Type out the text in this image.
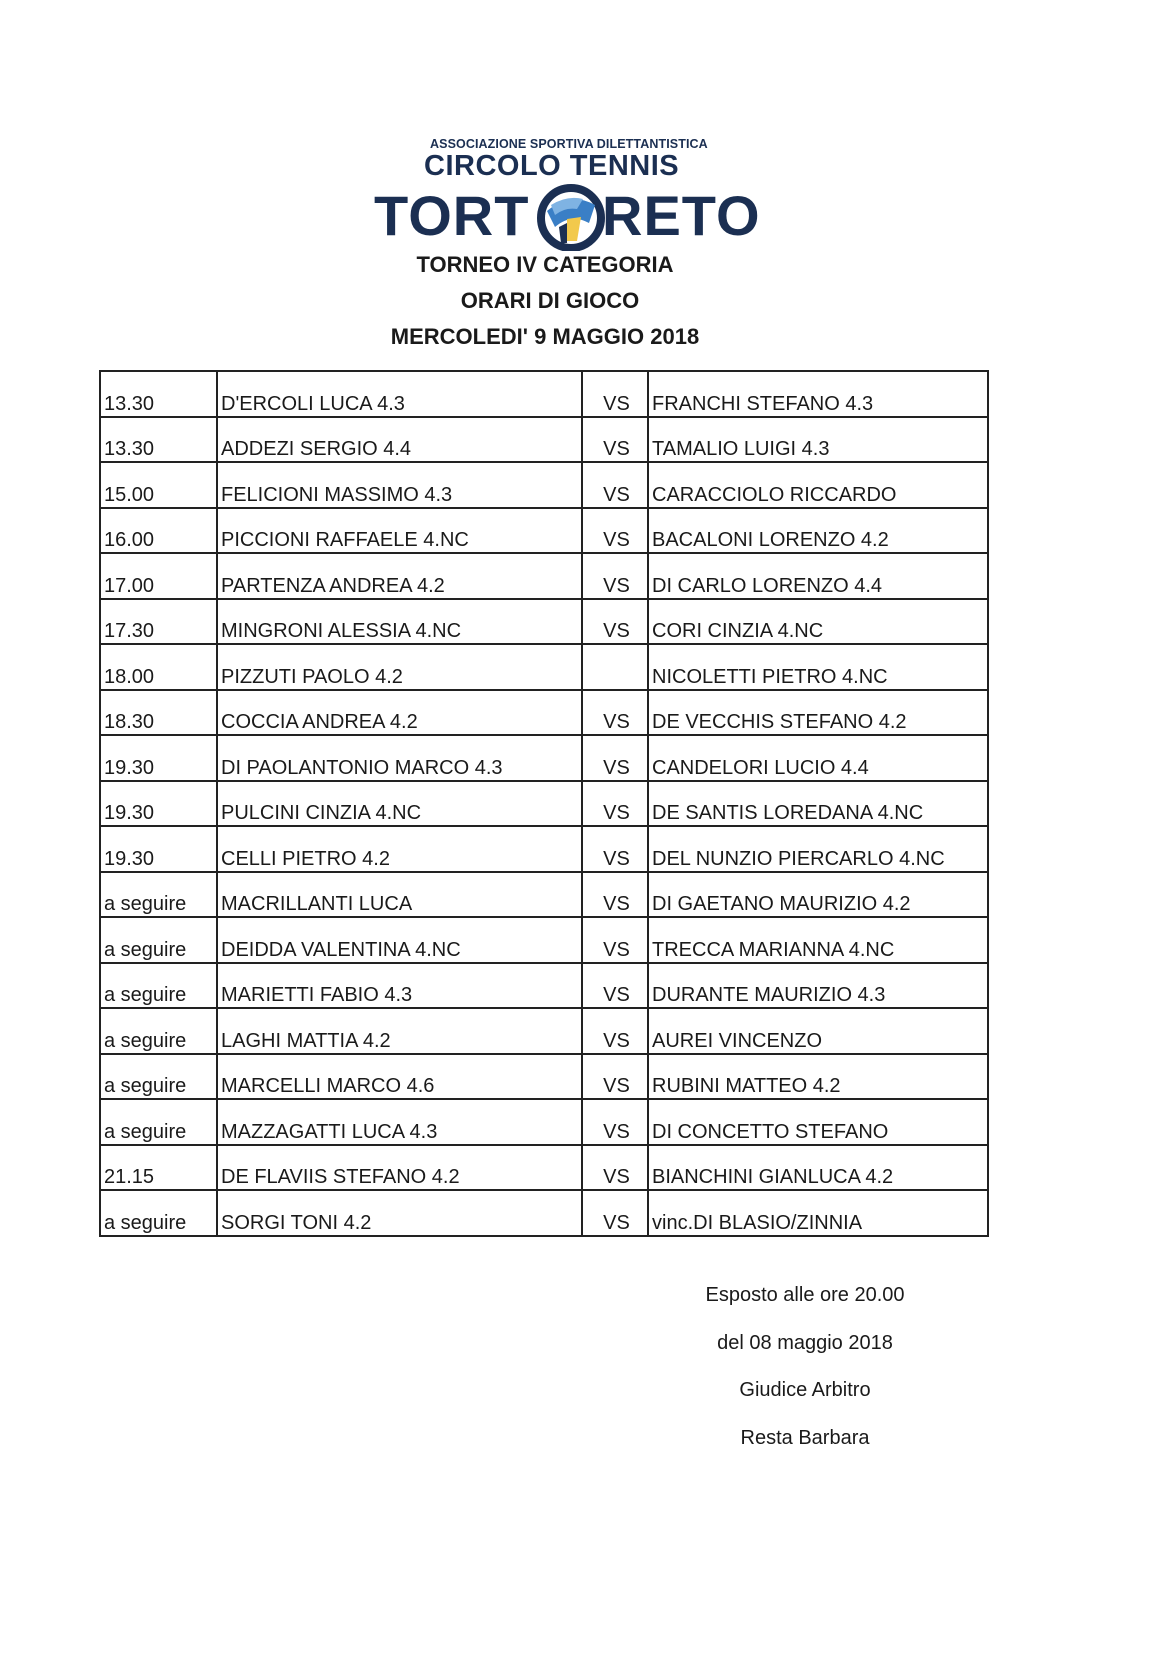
ASSOCIAZIONE SPORTIVA DILETTANTISTICA
CIRCOLO TENNIS
TORT RETO
TORNEO IV CATEGORIA
ORARI DI GIOCO
MERCOLEDI' 9 MAGGIO 2018
13.30	D'ERCOLI LUCA 4.3	VS	FRANCHI STEFANO 4.3

13.30	ADDEZI SERGIO 4.4	VS	TAMALIO LUIGI 4.3

15.00	FELICIONI MASSIMO 4.3	VS	CARACCIOLO RICCARDO

16.00	PICCIONI RAFFAELE 4.NC	VS	BACALONI LORENZO 4.2

17.00	PARTENZA ANDREA 4.2	VS	DI CARLO LORENZO 4.4

17.30	MINGRONI ALESSIA 4.NC	VS	CORI CINZIA 4.NC

18.00	PIZZUTI PAOLO 4.2		NICOLETTI PIETRO 4.NC

18.30	COCCIA ANDREA 4.2	VS	DE VECCHIS STEFANO 4.2

19.30	DI PAOLANTONIO MARCO 4.3	VS	CANDELORI LUCIO 4.4

19.30	PULCINI CINZIA 4.NC	VS	DE SANTIS LOREDANA 4.NC

19.30	CELLI PIETRO 4.2	VS	DEL NUNZIO PIERCARLO 4.NC

a seguire	MACRILLANTI LUCA	VS	DI GAETANO MAURIZIO 4.2

a seguire	DEIDDA VALENTINA 4.NC	VS	TRECCA MARIANNA 4.NC

a seguire	MARIETTI FABIO 4.3	VS	DURANTE MAURIZIO 4.3

a seguire	LAGHI MATTIA 4.2	VS	AUREI VINCENZO

a seguire	MARCELLI MARCO 4.6	VS	RUBINI MATTEO 4.2

a seguire	MAZZAGATTI LUCA 4.3	VS	DI CONCETTO STEFANO

21.15	DE FLAVIIS STEFANO 4.2	VS	BIANCHINI GIANLUCA 4.2

a seguire	SORGI TONI 4.2	VS	vinc.DI BLASIO/ZINNIA
Esposto alle ore 20.00
del 08 maggio 2018
Giudice Arbitro
Resta Barbara
